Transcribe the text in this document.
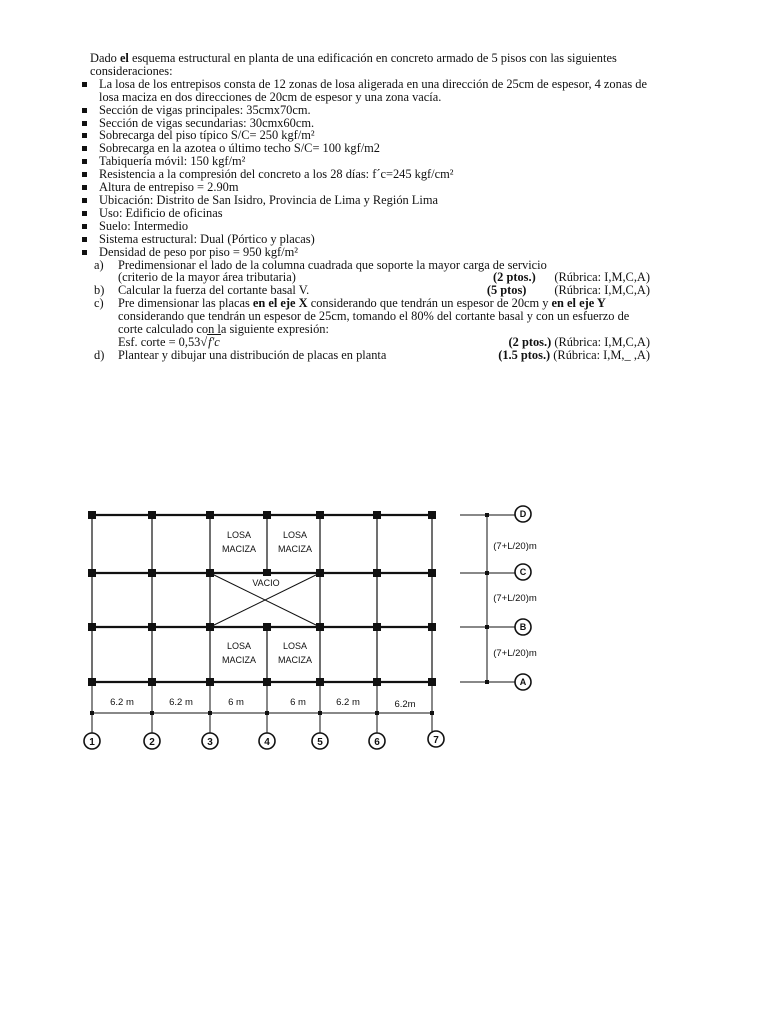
Dado el esquema estructural en planta de una edificación en concreto armado de 5 pisos con las siguientes consideraciones:
La losa de los entrepisos consta de 12 zonas de losa aligerada en una dirección de 25cm de espesor, 4 zonas de losa maciza en dos direcciones de 20cm de espesor y una zona vacía.
Sección de vigas principales: 35cmx70cm.
Sección de vigas secundarias: 30cmx60cm.
Sobrecarga del piso típico S/C= 250 kgf/m²
Sobrecarga en la azotea o último techo S/C= 100 kgf/m2
Tabiquería móvil: 150 kgf/m²
Resistencia a la compresión del concreto a los 28 días: f´c=245 kgf/cm²
Altura de entrepiso = 2.90m
Ubicación: Distrito de San Isidro, Provincia de Lima y Región Lima
Uso: Edificio de oficinas
Suelo: Intermedio
Sistema estructural: Dual (Pórtico y placas)
Densidad de peso por piso = 950 kgf/m²
a) Predimensionar el lado de la columna cuadrada que soporte la mayor carga de servicio
(criterio de la mayor área tributaria)	(2 ptos.) (Rúbrica: I,M,C,A)
b) Calcular la fuerza del cortante basal V.	(5 ptos) (Rúbrica: I,M,C,A)
c) Pre dimensionar las placas en el eje X considerando que tendrán un espesor de 20cm y en el eje Y considerando que tendrán un espesor de 25cm, tomando el 80% del cortante basal y con un esfuerzo de corte calculado con la siguiente expresión:
Esf. corte = 0,53√f'c	(2 ptos.) (Rúbrica: I,M,C,A)
d) Plantear y dibujar una distribución de placas en planta	(1.5 ptos.) (Rúbrica: I,M,_ ,A)
LOSA
MACIZA
LOSA
MACIZA
LOSA
MACIZA
LOSA
MACIZA
VACIO
6.2 m	6.2 m	6 m	6 m	6.2 m	6.2m
1	2	3	4	5	6	7
D
C
B
A
(7+L/20)m
(7+L/20)m
(7+L/20)m
